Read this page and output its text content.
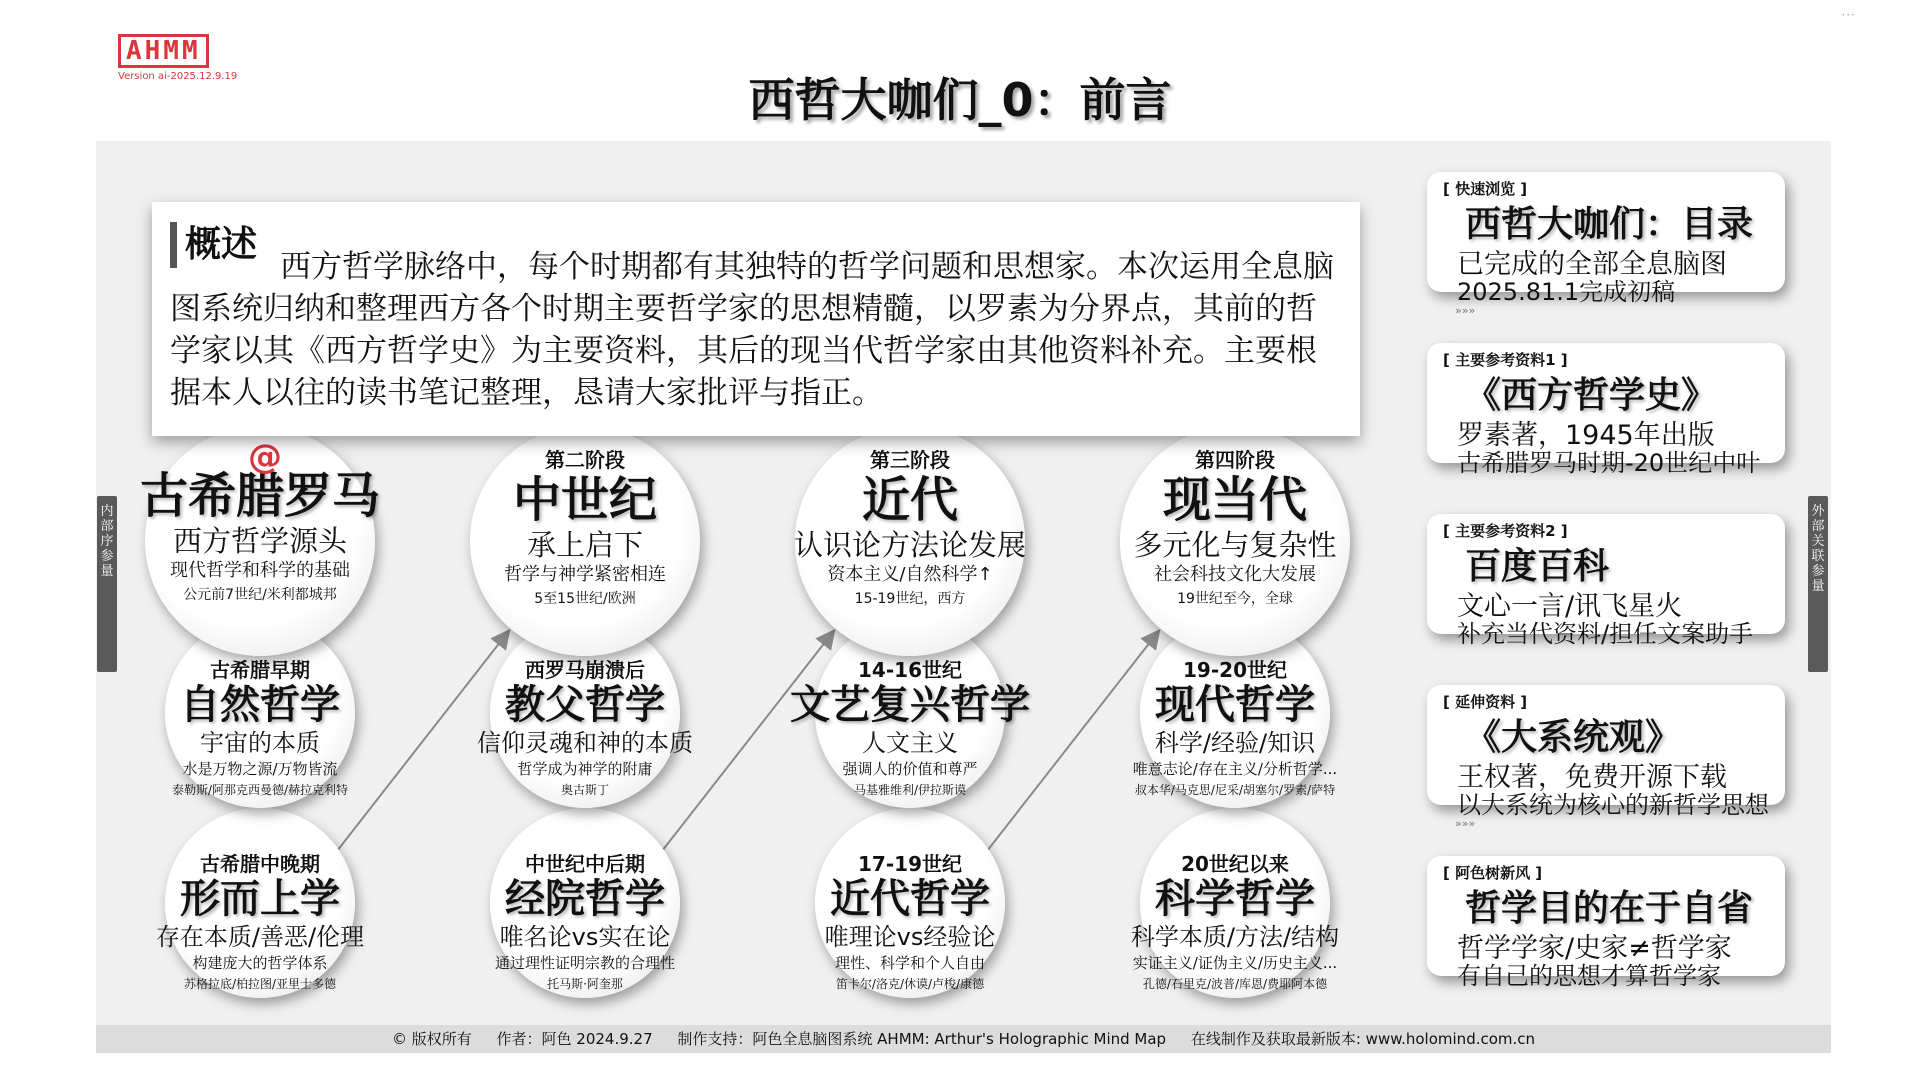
AHMM
Version ai-2025.12.9.19
···
西哲大咖们_0：前言
内部序参量
外部关联参量
古希腊中晚期
形而上学
存在本质/善恶/伦理
构建庞大的哲学体系
苏格拉底/柏拉图/亚里士多德
古希腊早期
自然哲学
宇宙的本质
水是万物之源/万物皆流
泰勒斯/阿那克西曼德/赫拉克利特
古希腊罗马
西方哲学源头
现代哲学和科学的基础
公元前7世纪/米利都城邦
@
中世纪中后期
经院哲学
唯名论vs实在论
通过理性证明宗教的合理性
托马斯·阿奎那
西罗马崩溃后
教父哲学
信仰灵魂和神的本质
哲学成为神学的附庸
奥古斯丁
第二阶段
中世纪
承上启下
哲学与神学紧密相连
5至15世纪/欧洲
17-19世纪
近代哲学
唯理论vs经验论
理性、科学和个人自由
笛卡尔/洛克/休谟/卢梭/康德
14-16世纪
文艺复兴哲学
人文主义
强调人的价值和尊严
马基雅维利/伊拉斯谟
第三阶段
近代
认识论方法论发展
资本主义/自然科学↑
15-19世纪，西方
20世纪以来
科学哲学
科学本质/方法/结构
实证主义/证伪主义/历史主义...
孔德/石里克/波普/库恩/费耶阿本德
19-20世纪
现代哲学
科学/经验/知识
唯意志论/存在主义/分析哲学...
叔本华/马克思/尼采/胡塞尔/罗素/萨特
第四阶段
现当代
多元化与复杂性
社会科技文化大发展
19世纪至今，全球
概述
西方哲学脉络中，每个时期都有其独特的哲学问题和思想家。本次运用全息脑图系统归纳和整理西方各个时期主要哲学家的思想精髓，以罗素为分界点，其前的哲学家以其《西方哲学史》为主要资料，其后的现当代哲学家由其他资料补充。主要根据本人以往的读书笔记整理，恳请大家批评与指正。
[ 快速浏览 ]
西哲大咖们：目录
已完成的全部全息脑图
2025.81.1完成初稿
»»»
[ 主要参考资料1 ]
《西方哲学史》
罗素著，1945年出版
古希腊罗马时期-20世纪中叶
[ 主要参考资料2 ]
百度百科
文心一言/讯飞星火
补充当代资料/担任文案助手
[ 延伸资料 ]
《大系统观》
王权著，免费开源下载
以大系统为核心的新哲学思想
»»»
[ 阿色树新风 ]
哲学目的在于自省
哲学学家/史家≠哲学家
有自己的思想才算哲学家
© 版权所有 作者：阿色 2024.9.27 制作支持：阿色全息脑图系统 AHMM: Arthur's Holographic Mind Map 在线制作及获取最新版本: www.holomind.com.cn
